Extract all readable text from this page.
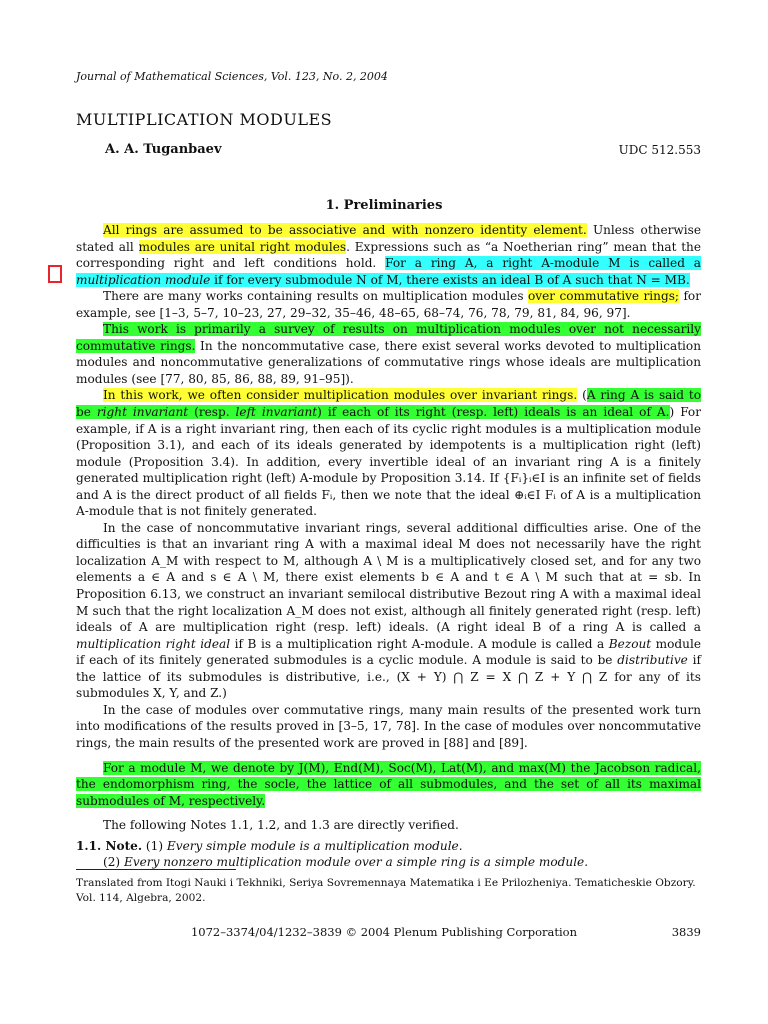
Journal of Mathematical Sciences, Vol. 123, No. 2, 2004
MULTIPLICATION MODULES
A. A. Tuganbaev	UDC 512.553
1. Preliminaries

All rings are assumed to be associative and with nonzero identity element. Unless otherwise stated all modules are unital right modules. Expressions such as “a Noetherian ring” mean that the corresponding right and left conditions hold. For a ring A, a right A-module M is called a multiplication module if for every submodule N of M, there exists an ideal B of A such that N = MB.

There are many works containing results on multiplication modules over commutative rings; for example, see [1–3, 5–7, 10–23, 27, 29–32, 35–46, 48–65, 68–74, 76, 78, 79, 81, 84, 96, 97].

This work is primarily a survey of results on multiplication modules over not necessarily commutative rings. In the noncommutative case, there exist several works devoted to multiplication modules and noncommutative generalizations of commutative rings whose ideals are multiplication modules (see [77, 80, 85, 86, 88, 89, 91–95]).

In this work, we often consider multiplication modules over invariant rings. (A ring A is said to be right invariant (resp. left invariant) if each of its right (resp. left) ideals is an ideal of A.) For example, if A is a right invariant ring, then each of its cyclic right modules is a multiplication module (Proposition 3.1), and each of its ideals generated by idempotents is a multiplication right (left) module (Proposition 3.4). In addition, every invertible ideal of an invariant ring A is a finitely generated multiplication right (left) A-module by Proposition 3.14. If {Fᵢ}ᵢ∈I is an infinite set of fields and A is the direct product of all fields Fᵢ, then we note that the ideal ⊕ᵢ∈I Fᵢ of A is a multiplication A-module that is not finitely generated.

In the case of noncommutative invariant rings, several additional difficulties arise. One of the difficulties is that an invariant ring A with a maximal ideal M does not necessarily have the right localization A_M with respect to M, although A \ M is a multiplicatively closed set, and for any two elements a ∈ A and s ∈ A \ M, there exist elements b ∈ A and t ∈ A \ M such that at = sb. In Proposition 6.13, we construct an invariant semilocal distributive Bezout ring A with a maximal ideal M such that the right localization A_M does not exist, although all finitely generated right (resp. left) ideals of A are multiplication right (resp. left) ideals. (A right ideal B of a ring A is called a multiplication right ideal if B is a multiplication right A-module. A module is called a Bezout module if each of its finitely generated submodules is a cyclic module. A module is said to be distributive if the lattice of its submodules is distributive, i.e., (X + Y) ⋂ Z = X ⋂ Z + Y ⋂ Z for any of its submodules X, Y, and Z.)

In the case of modules over commutative rings, many main results of the presented work turn into modifications of the results proved in [3–5, 17, 78]. In the case of modules over noncommutative rings, the main results of the presented work are proved in [88] and [89].

For a module M, we denote by J(M), End(M), Soc(M), Lat(M), and max(M) the Jacobson radical, the endomorphism ring, the socle, the lattice of all submodules, and the set of all its maximal submodules of M, respectively.

The following Notes 1.1, 1.2, and 1.3 are directly verified.

1.1. Note. (1) Every simple module is a multiplication module.

(2) Every nonzero multiplication module over a simple ring is a simple module.

Translated from Itogi Nauki i Tekhniki, Seriya Sovremennaya Matematika i Ee Prilozheniya. Tematicheskie Obzory. Vol. 114, Algebra, 2002.
1072–3374/04/1232–3839 © 2004 Plenum Publishing Corporation	3839
